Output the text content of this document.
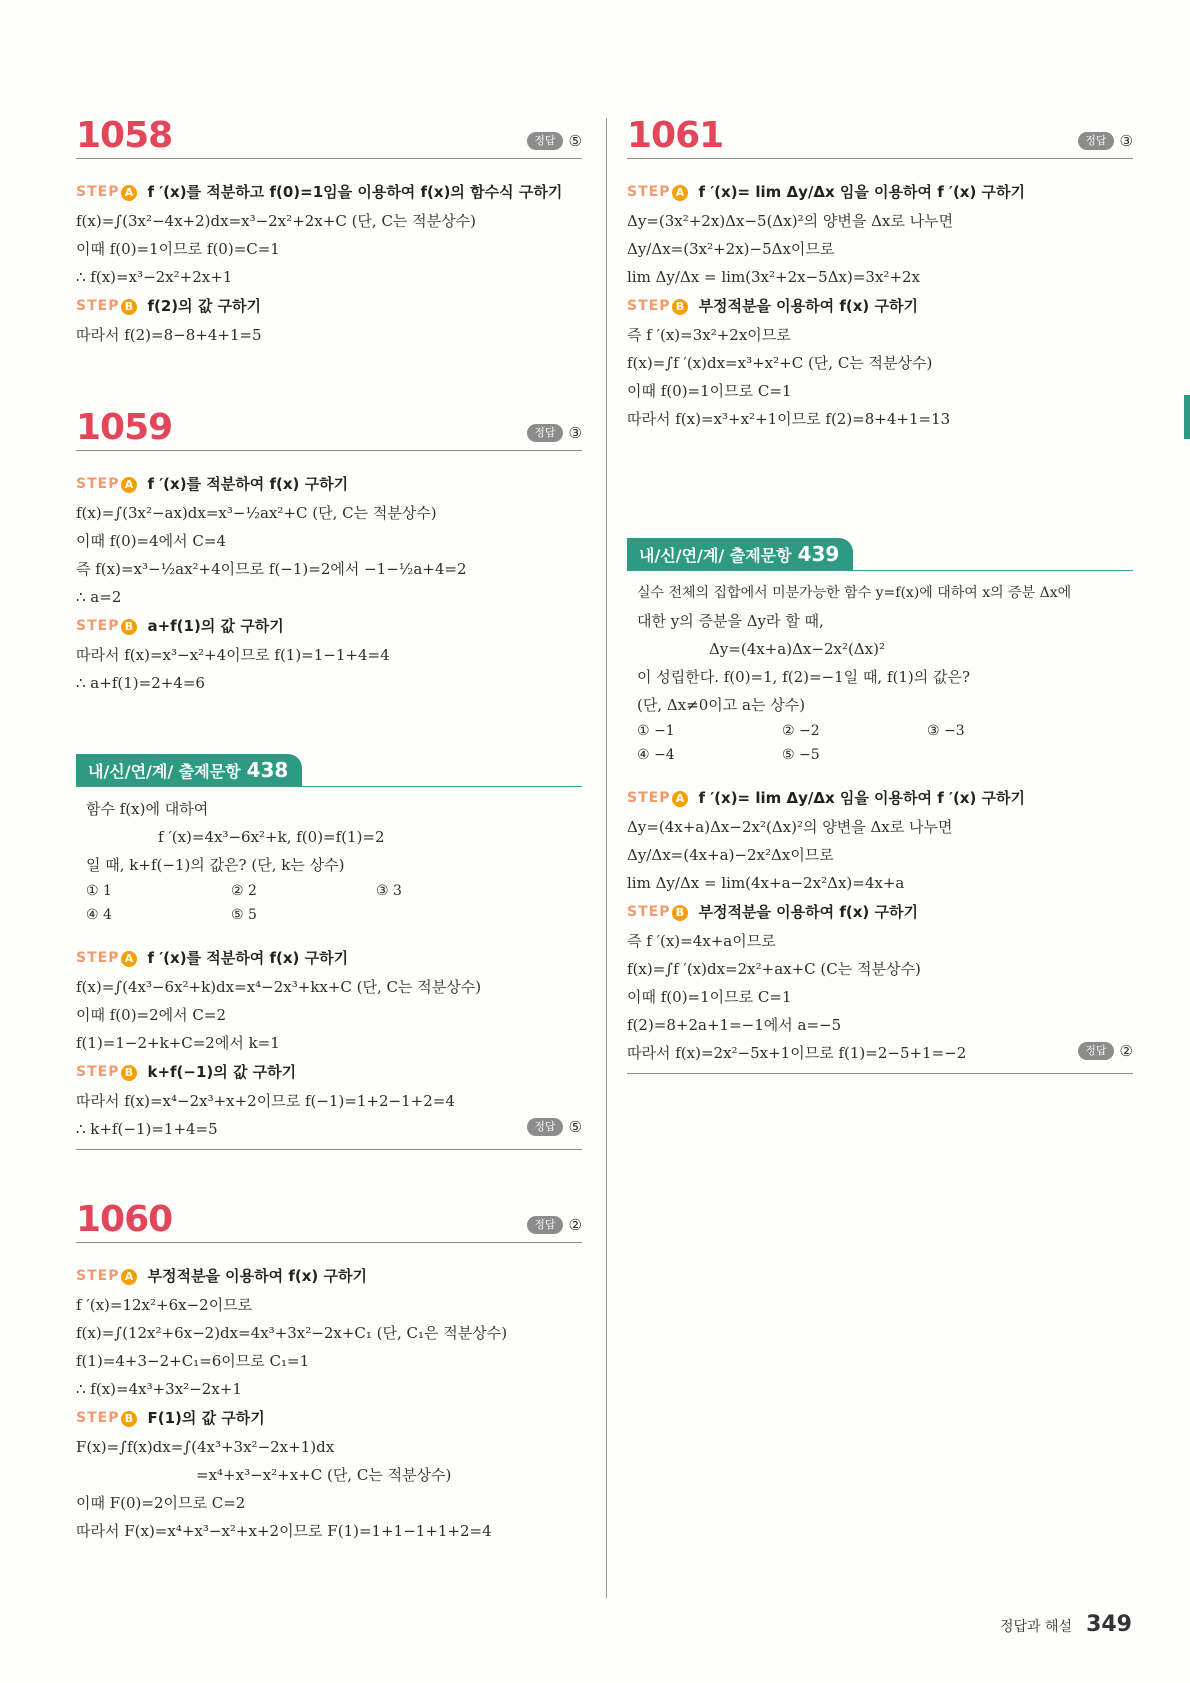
1058	정답 ⑤
STEP A f ′(x)를 적분하고 f(0)=1임을 이용하여 f(x)의 함수식 구하기
f(x)=∫(3x²−4x+2)dx=x³−2x²+2x+C (단, C는 적분상수)
이때 f(0)=1이므로 f(0)=C=1
∴ f(x)=x³−2x²+2x+1
STEP B f(2)의 값 구하기
따라서 f(2)=8−8+4+1=5
1059	정답 ③
STEP A f ′(x)를 적분하여 f(x) 구하기
f(x)=∫(3x²−ax)dx=x³−½ax²+C (단, C는 적분상수)
이때 f(0)=4에서 C=4
즉 f(x)=x³−½ax²+4이므로 f(−1)=2에서 −1−½a+4=2
∴ a=2
STEP B a+f(1)의 값 구하기
따라서 f(x)=x³−x²+4이므로 f(1)=1−1+4=4
∴ a+f(1)=2+4=6
내/신/연/계/ 출제문항 438
함수 f(x)에 대하여
f ′(x)=4x³−6x²+k, f(0)=f(1)=2
일 때, k+f(−1)의 값은? (단, k는 상수)
① 1	② 2	③ 3
④ 4	⑤ 5
STEP A f ′(x)를 적분하여 f(x) 구하기
f(x)=∫(4x³−6x²+k)dx=x⁴−2x³+kx+C (단, C는 적분상수)
이때 f(0)=2에서 C=2
f(1)=1−2+k+C=2에서 k=1
STEP B k+f(−1)의 값 구하기
따라서 f(x)=x⁴−2x³+x+2이므로 f(−1)=1+2−1+2=4
∴ k+f(−1)=1+4=5	정답 ⑤
1060	정답 ②
STEP A 부정적분을 이용하여 f(x) 구하기
f ′(x)=12x²+6x−2이므로
f(x)=∫(12x²+6x−2)dx=4x³+3x²−2x+C₁ (단, C₁은 적분상수)
f(1)=4+3−2+C₁=6이므로 C₁=1
∴ f(x)=4x³+3x²−2x+1
STEP B F(1)의 값 구하기
F(x)=∫f(x)dx=∫(4x³+3x²−2x+1)dx
=x⁴+x³−x²+x+C (단, C는 적분상수)
이때 F(0)=2이므로 C=2
따라서 F(x)=x⁴+x³−x²+x+2이므로 F(1)=1+1−1+1+2=4
1061	정답 ③
STEP A f ′(x)= lim Δy/Δx 임을 이용하여 f ′(x) 구하기
Δy=(3x²+2x)Δx−5(Δx)²의 양변을 Δx로 나누면
Δy/Δx=(3x²+2x)−5Δx이므로
lim Δy/Δx = lim(3x²+2x−5Δx)=3x²+2x
STEP B 부정적분을 이용하여 f(x) 구하기
즉 f ′(x)=3x²+2x이므로
f(x)=∫f ′(x)dx=x³+x²+C (단, C는 적분상수)
이때 f(0)=1이므로 C=1
따라서 f(x)=x³+x²+1이므로 f(2)=8+4+1=13
내/신/연/계/ 출제문항 439
실수 전체의 집합에서 미분가능한 함수 y=f(x)에 대하여 x의 증분 Δx에
대한 y의 증분을 Δy라 할 때,
Δy=(4x+a)Δx−2x²(Δx)²
이 성립한다. f(0)=1, f(2)=−1일 때, f(1)의 값은?
(단, Δx≠0이고 a는 상수)
① −1	② −2	③ −3
④ −4	⑤ −5
STEP A f ′(x)= lim Δy/Δx 임을 이용하여 f ′(x) 구하기
Δy=(4x+a)Δx−2x²(Δx)²의 양변을 Δx로 나누면
Δy/Δx=(4x+a)−2x²Δx이므로
lim Δy/Δx = lim(4x+a−2x²Δx)=4x+a
STEP B 부정적분을 이용하여 f(x) 구하기
즉 f ′(x)=4x+a이므로
f(x)=∫f ′(x)dx=2x²+ax+C (C는 적분상수)
이때 f(0)=1이므로 C=1
f(2)=8+2a+1=−1에서 a=−5
따라서 f(x)=2x²−5x+1이므로 f(1)=2−5+1=−2	정답 ②
정답과 해설 349
